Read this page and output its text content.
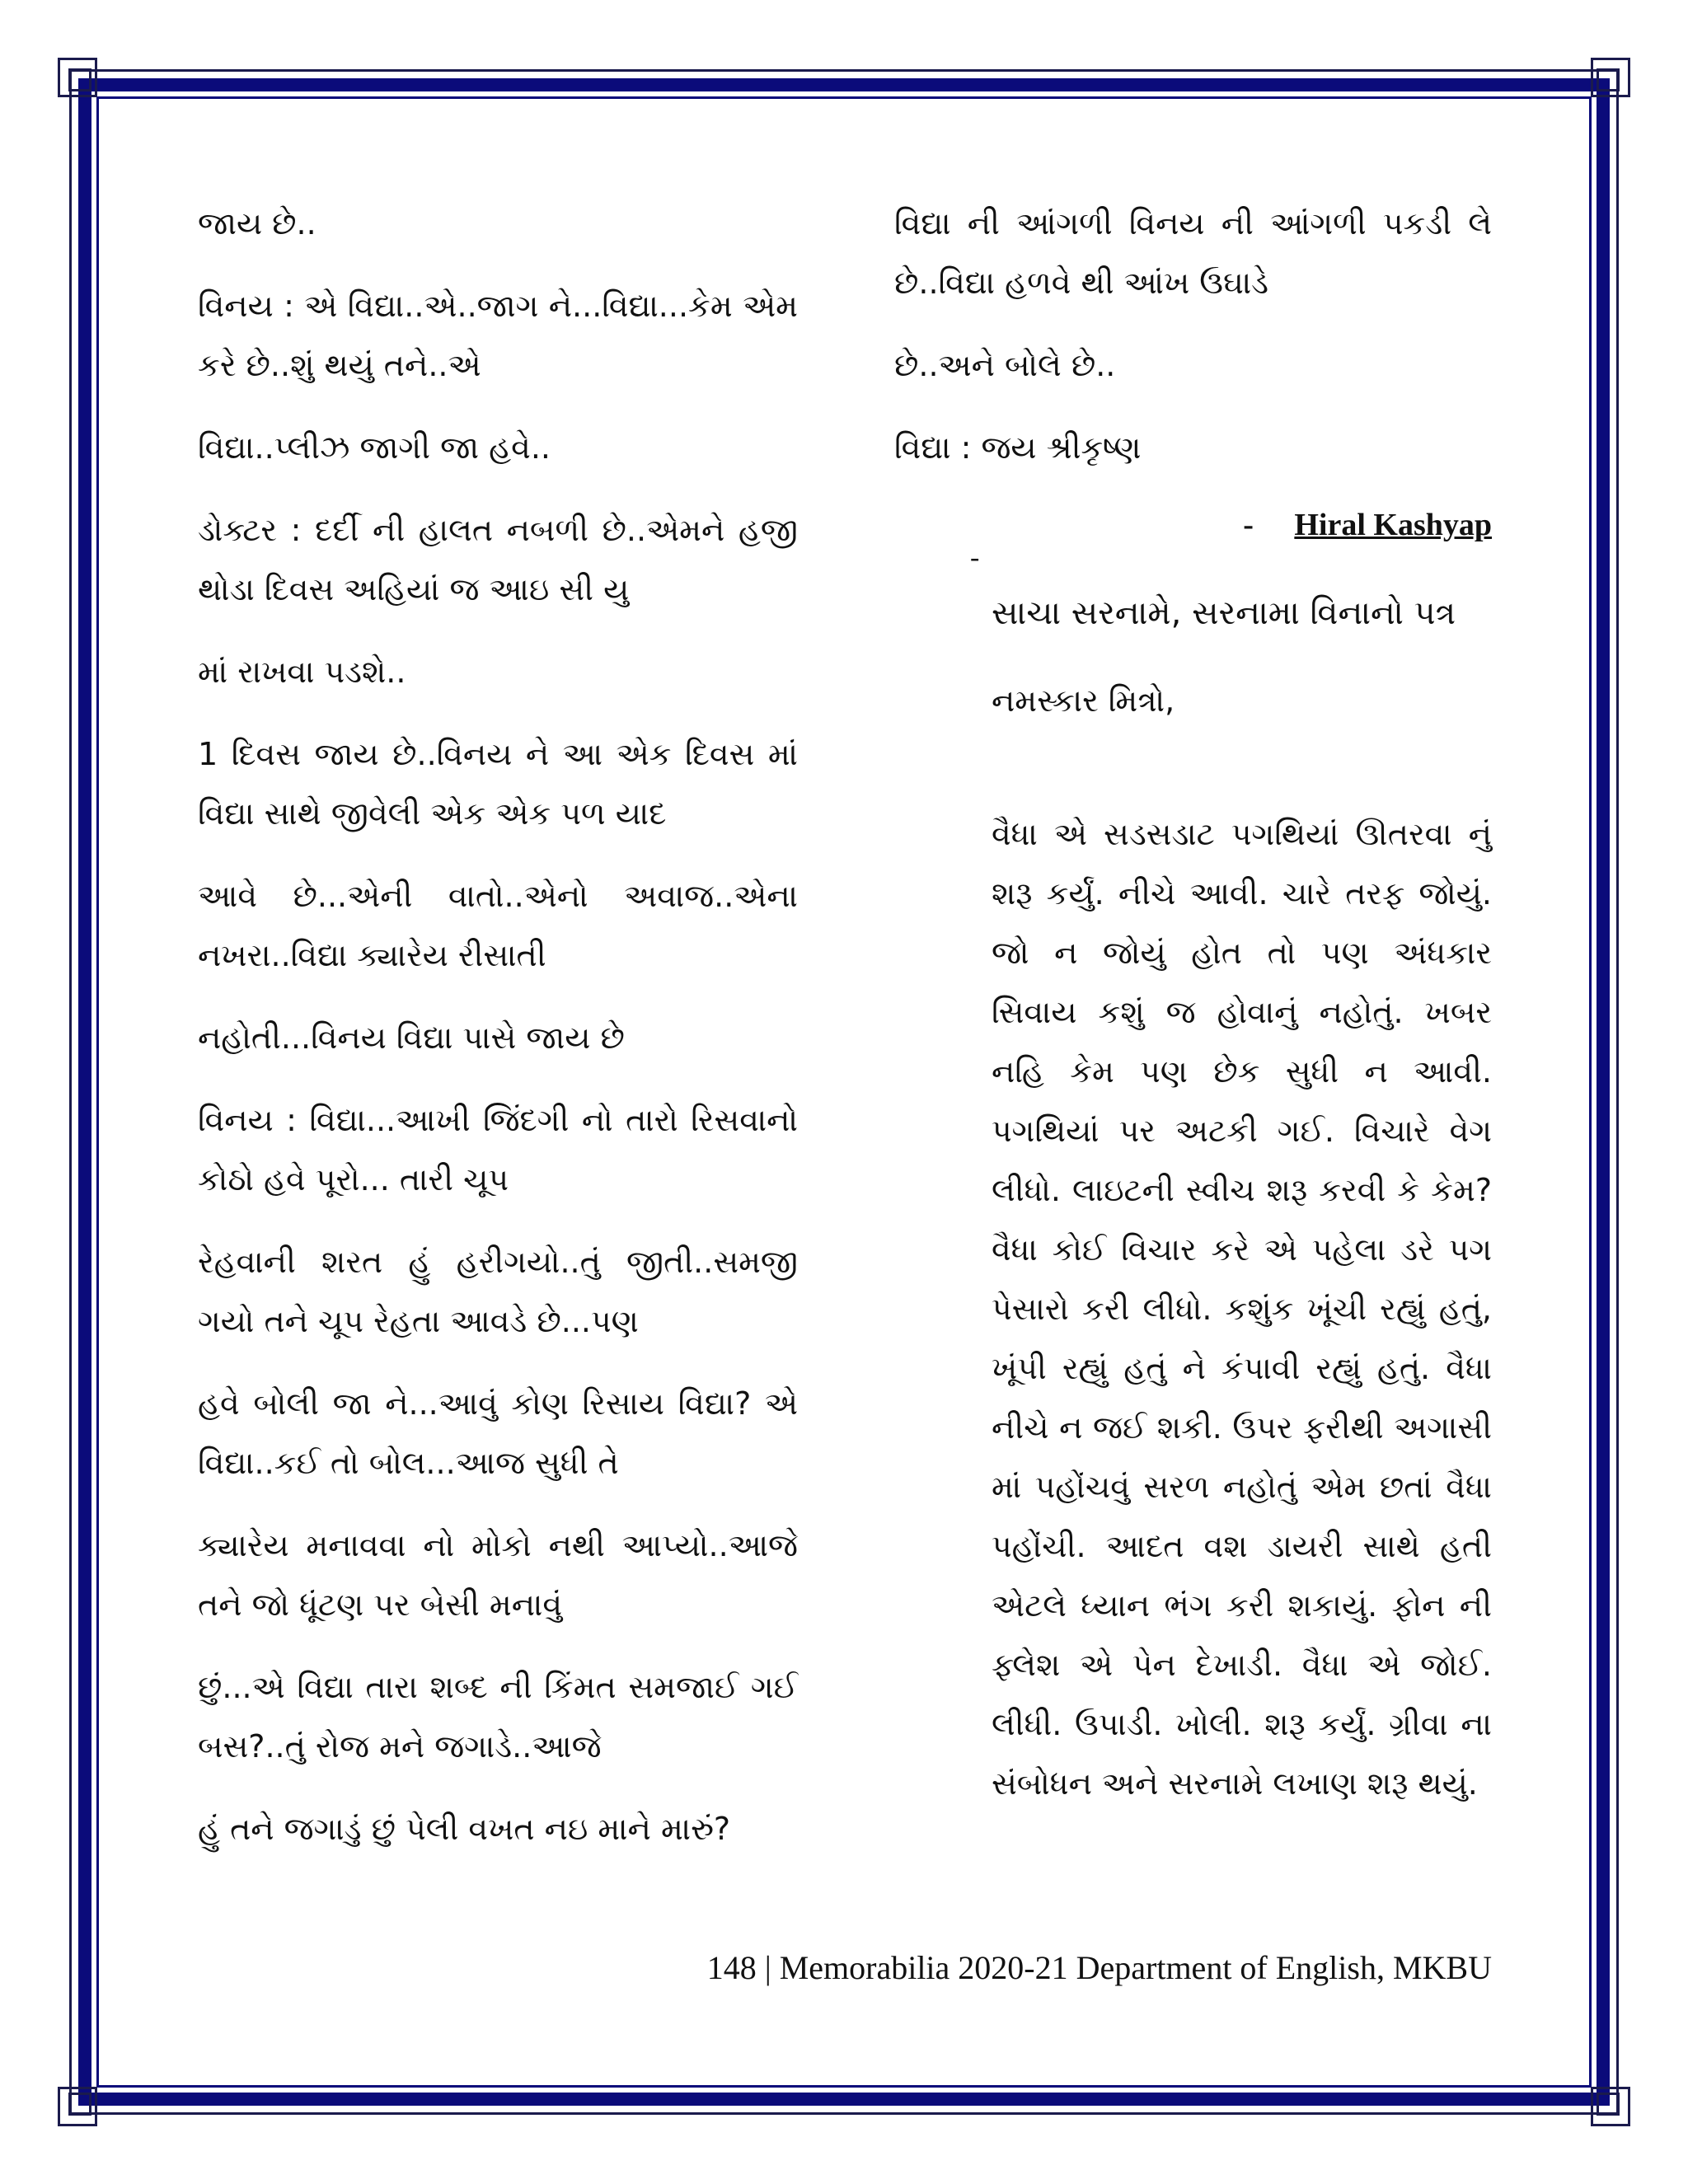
જાય છે..

વિનય : એ વિદ્યા..એ..જાગ ને...વિદ્યા...કેમ એમ કરે છે..શું થયું તને..એ

વિદ્યા..પ્લીઝ જાગી જા હવે..

ડોક્ટર : દર્દી ની હાલત નબળી છે..એમને હજી થોડા દિવસ અહિયાં જ આઇ સી યુ

માં રાખવા પડશે..

1 દિવસ જાય છે..વિનય ને આ એક દિવસ માં વિદ્યા સાથે જીવેલી એક એક પળ યાદ

આવે છે...એની વાતો..એનો અવાજ..એના નખરા..વિદ્યા ક્યારેય રીસાતી

નહોતી...વિનય વિદ્યા પાસે જાય છે

વિનય : વિદ્યા...આખી જિંદગી નો તારો રિસવાનો કોઠો હવે પૂરો... તારી ચૂપ

રેહવાની શરત હું હરીગયો..તું જીતી..સમજી ગયો તને ચૂપ રેહતા આવડે છે...પણ

હવે બોલી જા ને...આવું કોણ રિસાય વિદ્યા? એ વિદ્યા..કઈ તો બોલ...આજ સુધી તે

ક્યારેય મનાવવા નો મોકો નથી આપ્યો..આજે તને જો ધૂંટણ પર બેસી મનાવું

છું...એ વિદ્યા તારા શબ્દ ની કિંમત સમજાઈ ગઈ બસ?..તું રોજ મને જગાડે..આજે

હું તને જગાડું છું પેલી વખત નઇ માને મારું?

વિદ્યા ની આંગળી વિનય ની આંગળી પકડી લે છે..વિદ્યા હળવે થી આંખ ઉઘાડે

છે..અને બોલે છે..

વિદ્યા : જય શ્રીકૃષ્ણ

- Hiral Kashyap
-

સાચા સરનામે, સરનામા વિનાનો પત્ર

નમસ્કાર મિત્રો,

વૈધા એ સડસડાટ પગથિયાં ઊતરવા નું શરૂ કર્યું. નીચે આવી. ચારે તરફ જોયું. જો ન જોયું હોત તો પણ અંધકાર સિવાય કશું જ હોવાનું નહોતું. ખબર નહિ કેમ પણ છેક સુધી ન આવી. પગથિયાં પર અટકી ગઈ. વિચારે વેગ લીધો. લાઇટની સ્વીચ શરૂ કરવી કે કેમ? વૈધા કોઈ વિચાર કરે એ પહેલા ડરે પગ પેસારો કરી લીધો. કશુંક ખૂંચી રહ્યું હતું, ખૂંપી રહ્યું હતું ને કંપાવી રહ્યું હતું. વૈધા નીચે ન જઈ શકી. ઉપર ફરીથી અગાસી માં પહોંચવું સરળ નહોતું એમ છતાં વૈધા પહોંચી. આદત વશ ડાયરી સાથે હતી એટલે ધ્યાન ભંગ કરી શકાયું. ફોન ની ફ્લેશ એ પેન દેખાડી. વૈધા એ જોઈ. લીધી. ઉપાડી. ખોલી. શરૂ કર્યું. ગ્રીવા ના સંબોધન અને સરનામે લખાણ શરૂ થયું.

148 | Memorabilia 2020-21 Department of English, MKBU
